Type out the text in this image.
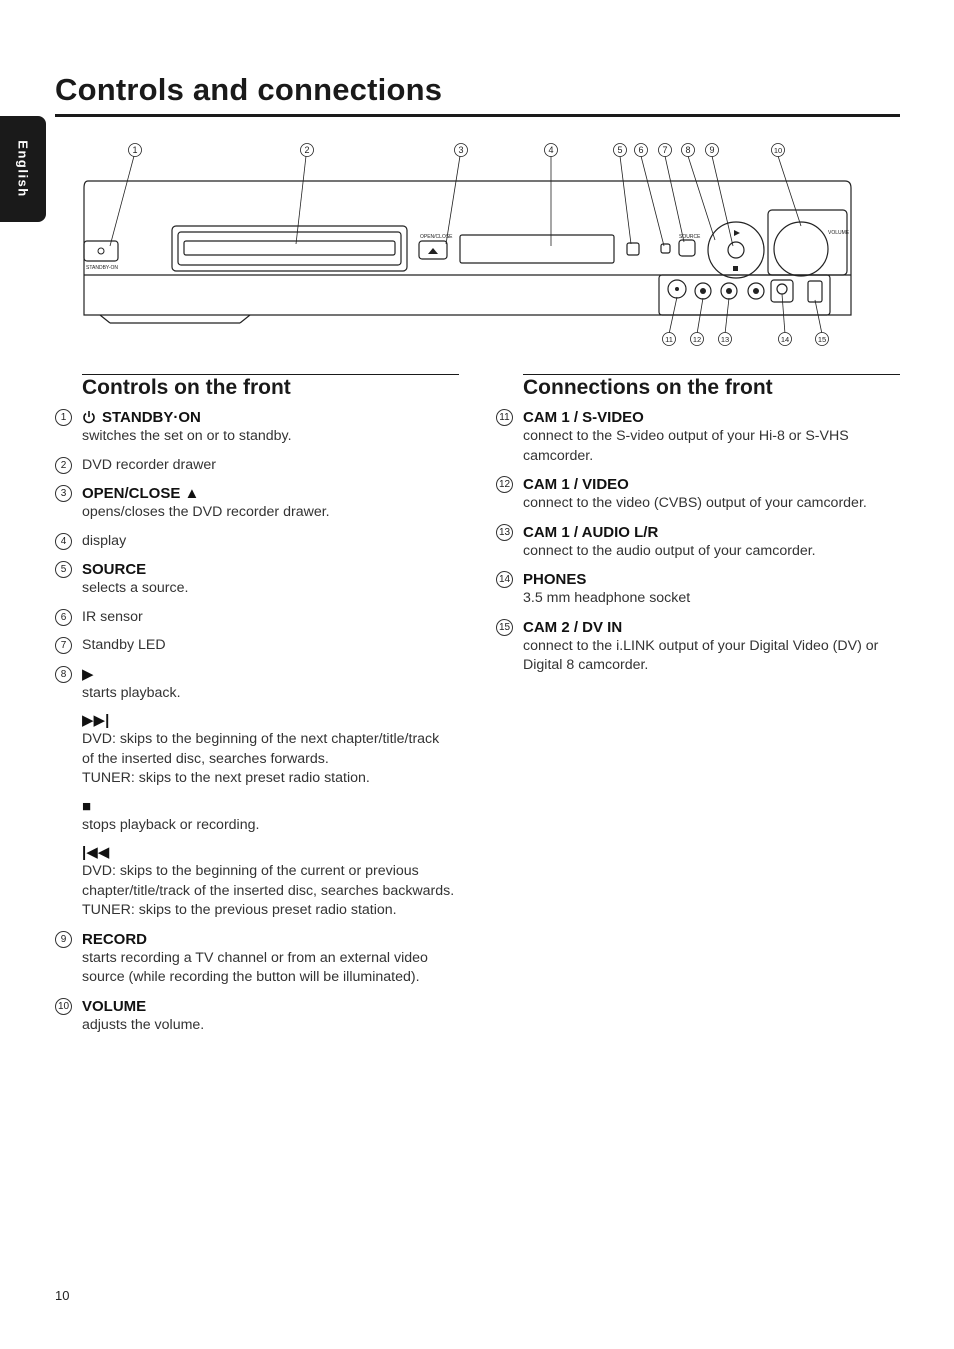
Controls and connections
English
STANDBY-ON
OPEN/CLOSE	SOURCE
VOLUME
1	2	3	4	5 6 7 8 9	10
11	12	13	14	15
Controls on the front
1	STANDBY·ON
switches the set on or to standby.
2	DVD recorder drawer
3	OPEN/CLOSE ▲
opens/closes the DVD recorder drawer.
4	display
5	SOURCE
selects a source.
6	IR sensor
7	Standby LED
8	▶
starts playback.
▶▶|
DVD: skips to the beginning of the next chapter/title/track
of the inserted disc, searches forwards.
TUNER: skips to the next preset radio station.
■
stops playback or recording.
|◀◀
DVD: skips to the beginning of the current or previous
chapter/title/track of the inserted disc, searches backwards.
TUNER: skips to the previous preset radio station.
9	RECORD
starts recording a TV channel or from an external video source (while recording the button will be illuminated).
10 VOLUME
adjusts the volume.
Connections on the front
11 CAM 1 / S-VIDEO
connect to the S-video output of your Hi-8 or S-VHS camcorder.
12 CAM 1 / VIDEO
connect to the video (CVBS) output of your camcorder.
13 CAM 1 / AUDIO L/R
connect to the audio output of your camcorder.
14 PHONES
3.5 mm headphone socket
15 CAM 2 / DV IN
connect to the i.LINK output of your Digital Video (DV) or Digital 8 camcorder.
10
